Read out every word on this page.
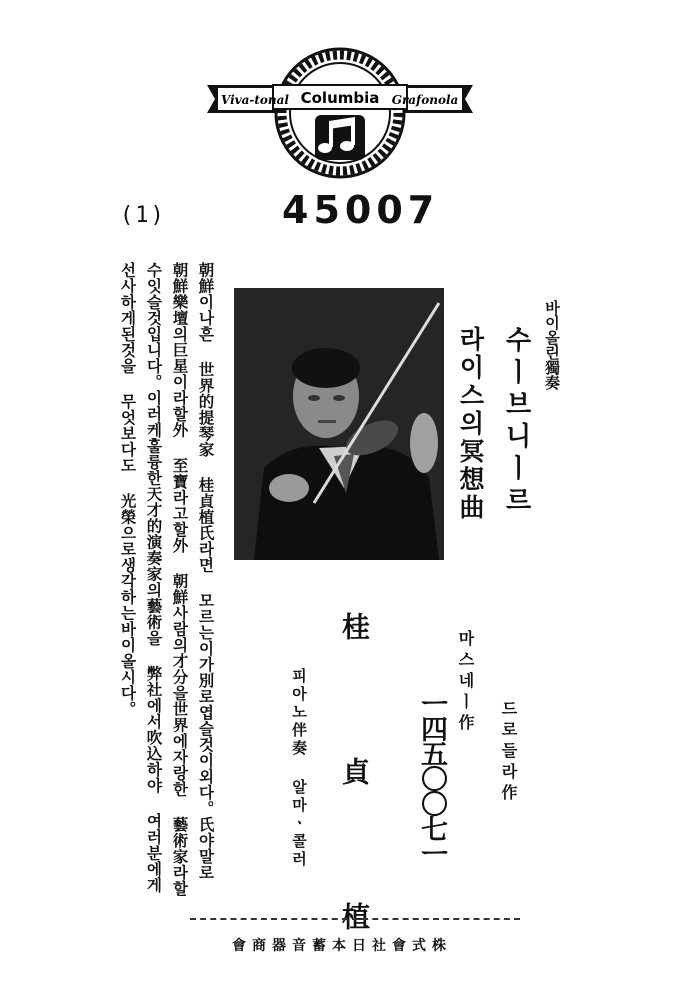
Viva-tonal Columbia Grafonola
(1)	45007
朝鮮이나흔 世界的提琴家 桂貞植氏라면 모르는이가別로엽슬것이외다。氏야말로
朝鮮樂壇의巨星이라할外 至寶라고할外 朝鮮사람의才分을世界에자랑한 藝術家라할
수잇슬것입니다。이러케훌륭한天才的演奏家의藝術을 弊社에서吹込하야 여러분에게
선사하게된것을 무엇보다도 光榮으로생각하는바이올시다。	바이올린獨奏
수ㅣ브니ㅣ르
라이스의冥想曲
드로들라作
마스네ㅣ作
ㅡ四五〇〇七ㅡ
桂 貞 植
피아노伴奏 알마ㆍ콜러
會商器音蓄本日社會式株
